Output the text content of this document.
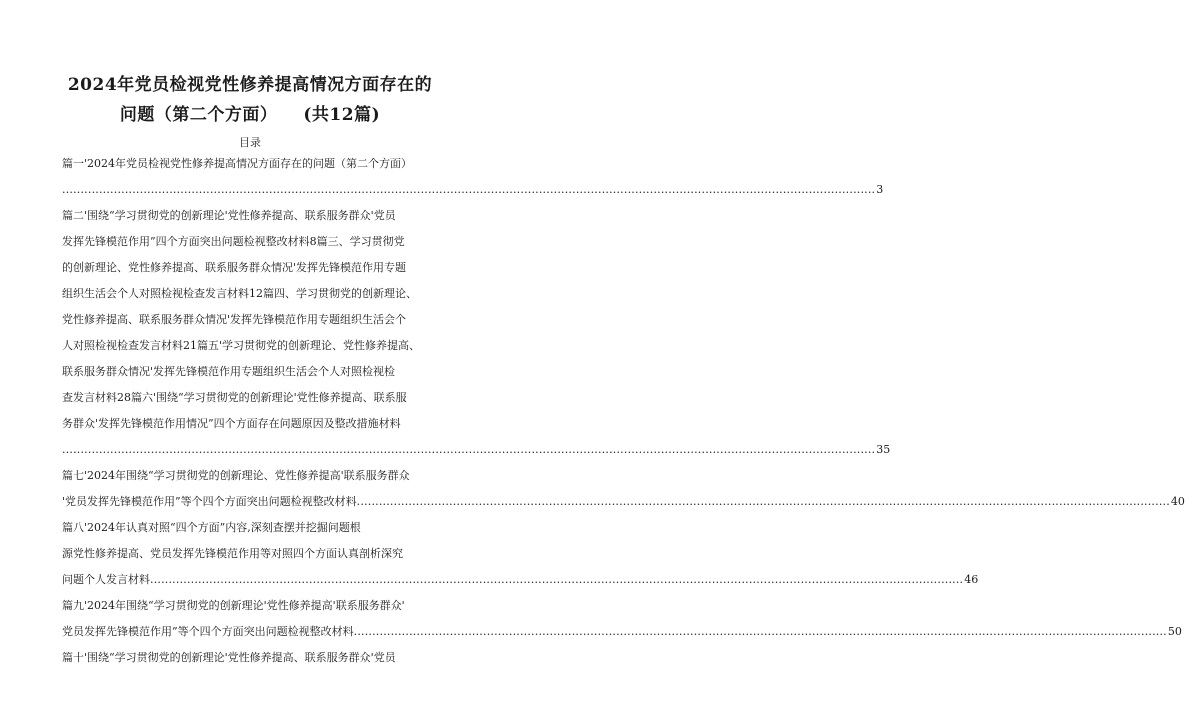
2024年党员检视党性修养提高情况方面存在的
问题（第二个方面） (共12篇)
目录
篇一'2024年党员检视党性修养提高情况方面存在的问题（第二个方面）
............................................................................................................................................................................................................................ 3
篇二'围绕“学习贯彻党的创新理论'党性修养提高、联系服务群众'党员
发挥先锋模范作用”四个方面突出问题检视整改材料8篇三、学习贯彻党
的创新理论、党性修养提高、联系服务群众情况'发挥先锋模范作用专题
组织生活会个人对照检视检查发言材料12篇四、学习贯彻党的创新理论、
党性修养提高、联系服务群众情况'发挥先锋模范作用专题组织生活会个
人对照检视检查发言材料21篇五'学习贯彻党的创新理论、党性修养提高、
联系服务群众情况'发挥先锋模范作用专题组织生活会个人对照检视检
查发言材料28篇六'围绕“学习贯彻党的创新理论'党性修养提高、联系服
务群众'发挥先锋模范作用情况”四个方面存在问题原因及整改措施材料
............................................................................................................................................................................................................................ 35
篇七'2024年围绕“学习贯彻党的创新理论、党性修养提高'联系服务群众
'党员发挥先锋模范作用”等个四个方面突出问题检视整改材料 ............................................................................................................................................................................................................................ 40
篇八'2024年认真对照“四个方面”内容,深刻查摆并挖掘问题根
源党性修养提高、党员发挥先锋模范作用等对照四个方面认真剖析深究
问题个人发言材料 ............................................................................................................................................................................................................................ 46
篇九'2024年围绕“学习贯彻党的创新理论'党性修养提高'联系服务群众'
党员发挥先锋模范作用”等个四个方面突出问题检视整改材料 ............................................................................................................................................................................................................................ 50
篇十'围绕“学习贯彻党的创新理论'党性修养提高、联系服务群众'党员
